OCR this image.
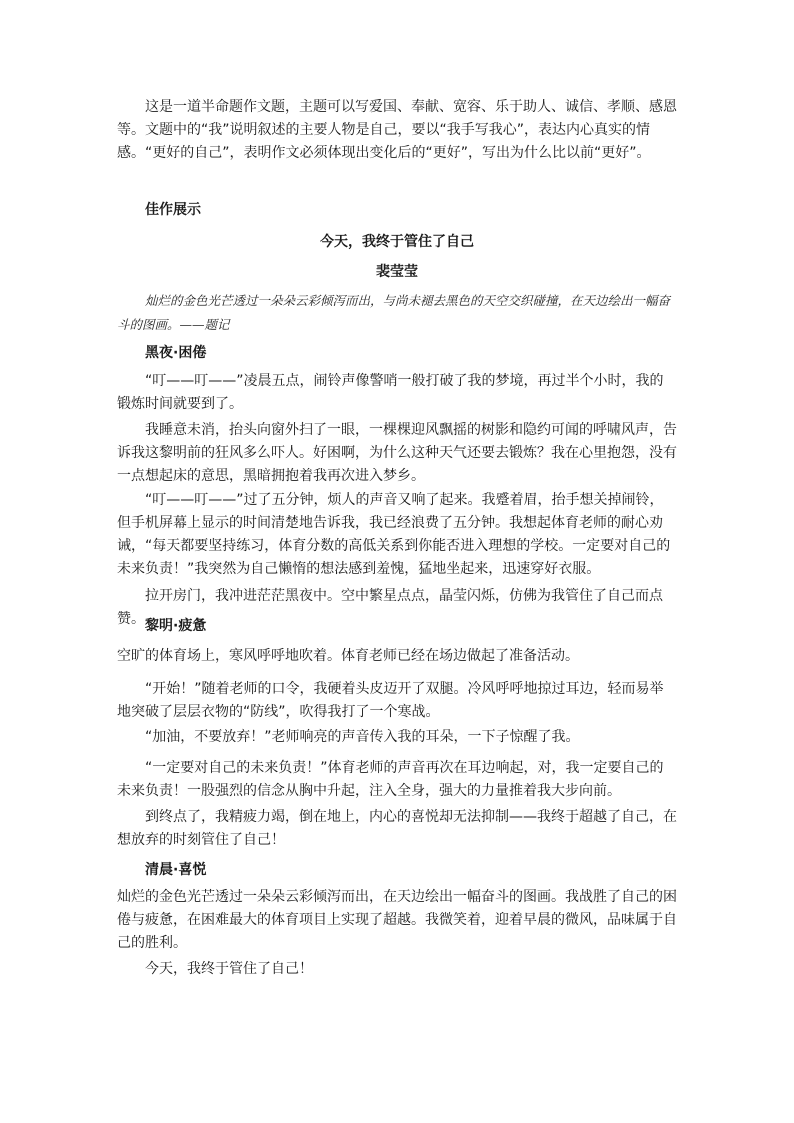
这是一道半命题作文题，主题可以写爱国、奉献、宽容、乐于助人、诚信、孝顺、感恩等。文题中的“我”说明叙述的主要人物是自己，要以“我手写我心”，表达内心真实的情感。“更好的自己”，表明作文必须体现出变化后的“更好”，写出为什么比以前“更好”。

佳作展示

今天，我终于管住了自己

裴莹莹

灿烂的金色光芒透过一朵朵云彩倾泻而出，与尚未褪去黑色的天空交织碰撞，在天边绘出一幅奋斗的图画。——题记

黑夜·困倦

“叮——叮——”凌晨五点，闹铃声像警哨一般打破了我的梦境，再过半个小时，我的锻炼时间就要到了。

我睡意未消，抬头向窗外扫了一眼，一棵棵迎风飘摇的树影和隐约可闻的呼啸风声，告诉我这黎明前的狂风多么吓人。好困啊，为什么这种天气还要去锻炼？我在心里抱怨，没有一点想起床的意思，黑暗拥抱着我再次进入梦乡。

“叮——叮——”过了五分钟，烦人的声音又响了起来。我蹙着眉，抬手想关掉闹铃，但手机屏幕上显示的时间清楚地告诉我，我已经浪费了五分钟。我想起体育老师的耐心劝诫，“每天都要坚持练习，体育分数的高低关系到你能否进入理想的学校。一定要对自己的未来负责！”我突然为自己懒惰的想法感到羞愧，猛地坐起来，迅速穿好衣服。

拉开房门，我冲进茫茫黑夜中。空中繁星点点，晶莹闪烁，仿佛为我管住了自己而点赞。 黎明·疲惫

空旷的体育场上，寒风呼呼地吹着。体育老师已经在场边做起了准备活动。

“开始！”随着老师的口令，我硬着头皮迈开了双腿。冷风呼呼地掠过耳边，轻而易举地突破了层层衣物的“防线”，吹得我打了一个寒战。

“加油，不要放弃！”老师响亮的声音传入我的耳朵，一下子惊醒了我。

“一定要对自己的未来负责！”体育老师的声音再次在耳边响起，对，我一定要自己的未来负责！一股强烈的信念从胸中升起，注入全身，强大的力量推着我大步向前。

到终点了，我精疲力竭，倒在地上，内心的喜悦却无法抑制——我终于超越了自己，在想放弃的时刻管住了自己！

清晨·喜悦

灿烂的金色光芒透过一朵朵云彩倾泻而出，在天边绘出一幅奋斗的图画。我战胜了自己的困倦与疲惫，在困难最大的体育项目上实现了超越。我微笑着，迎着早晨的微风，品味属于自己的胜利。

今天，我终于管住了自己！
